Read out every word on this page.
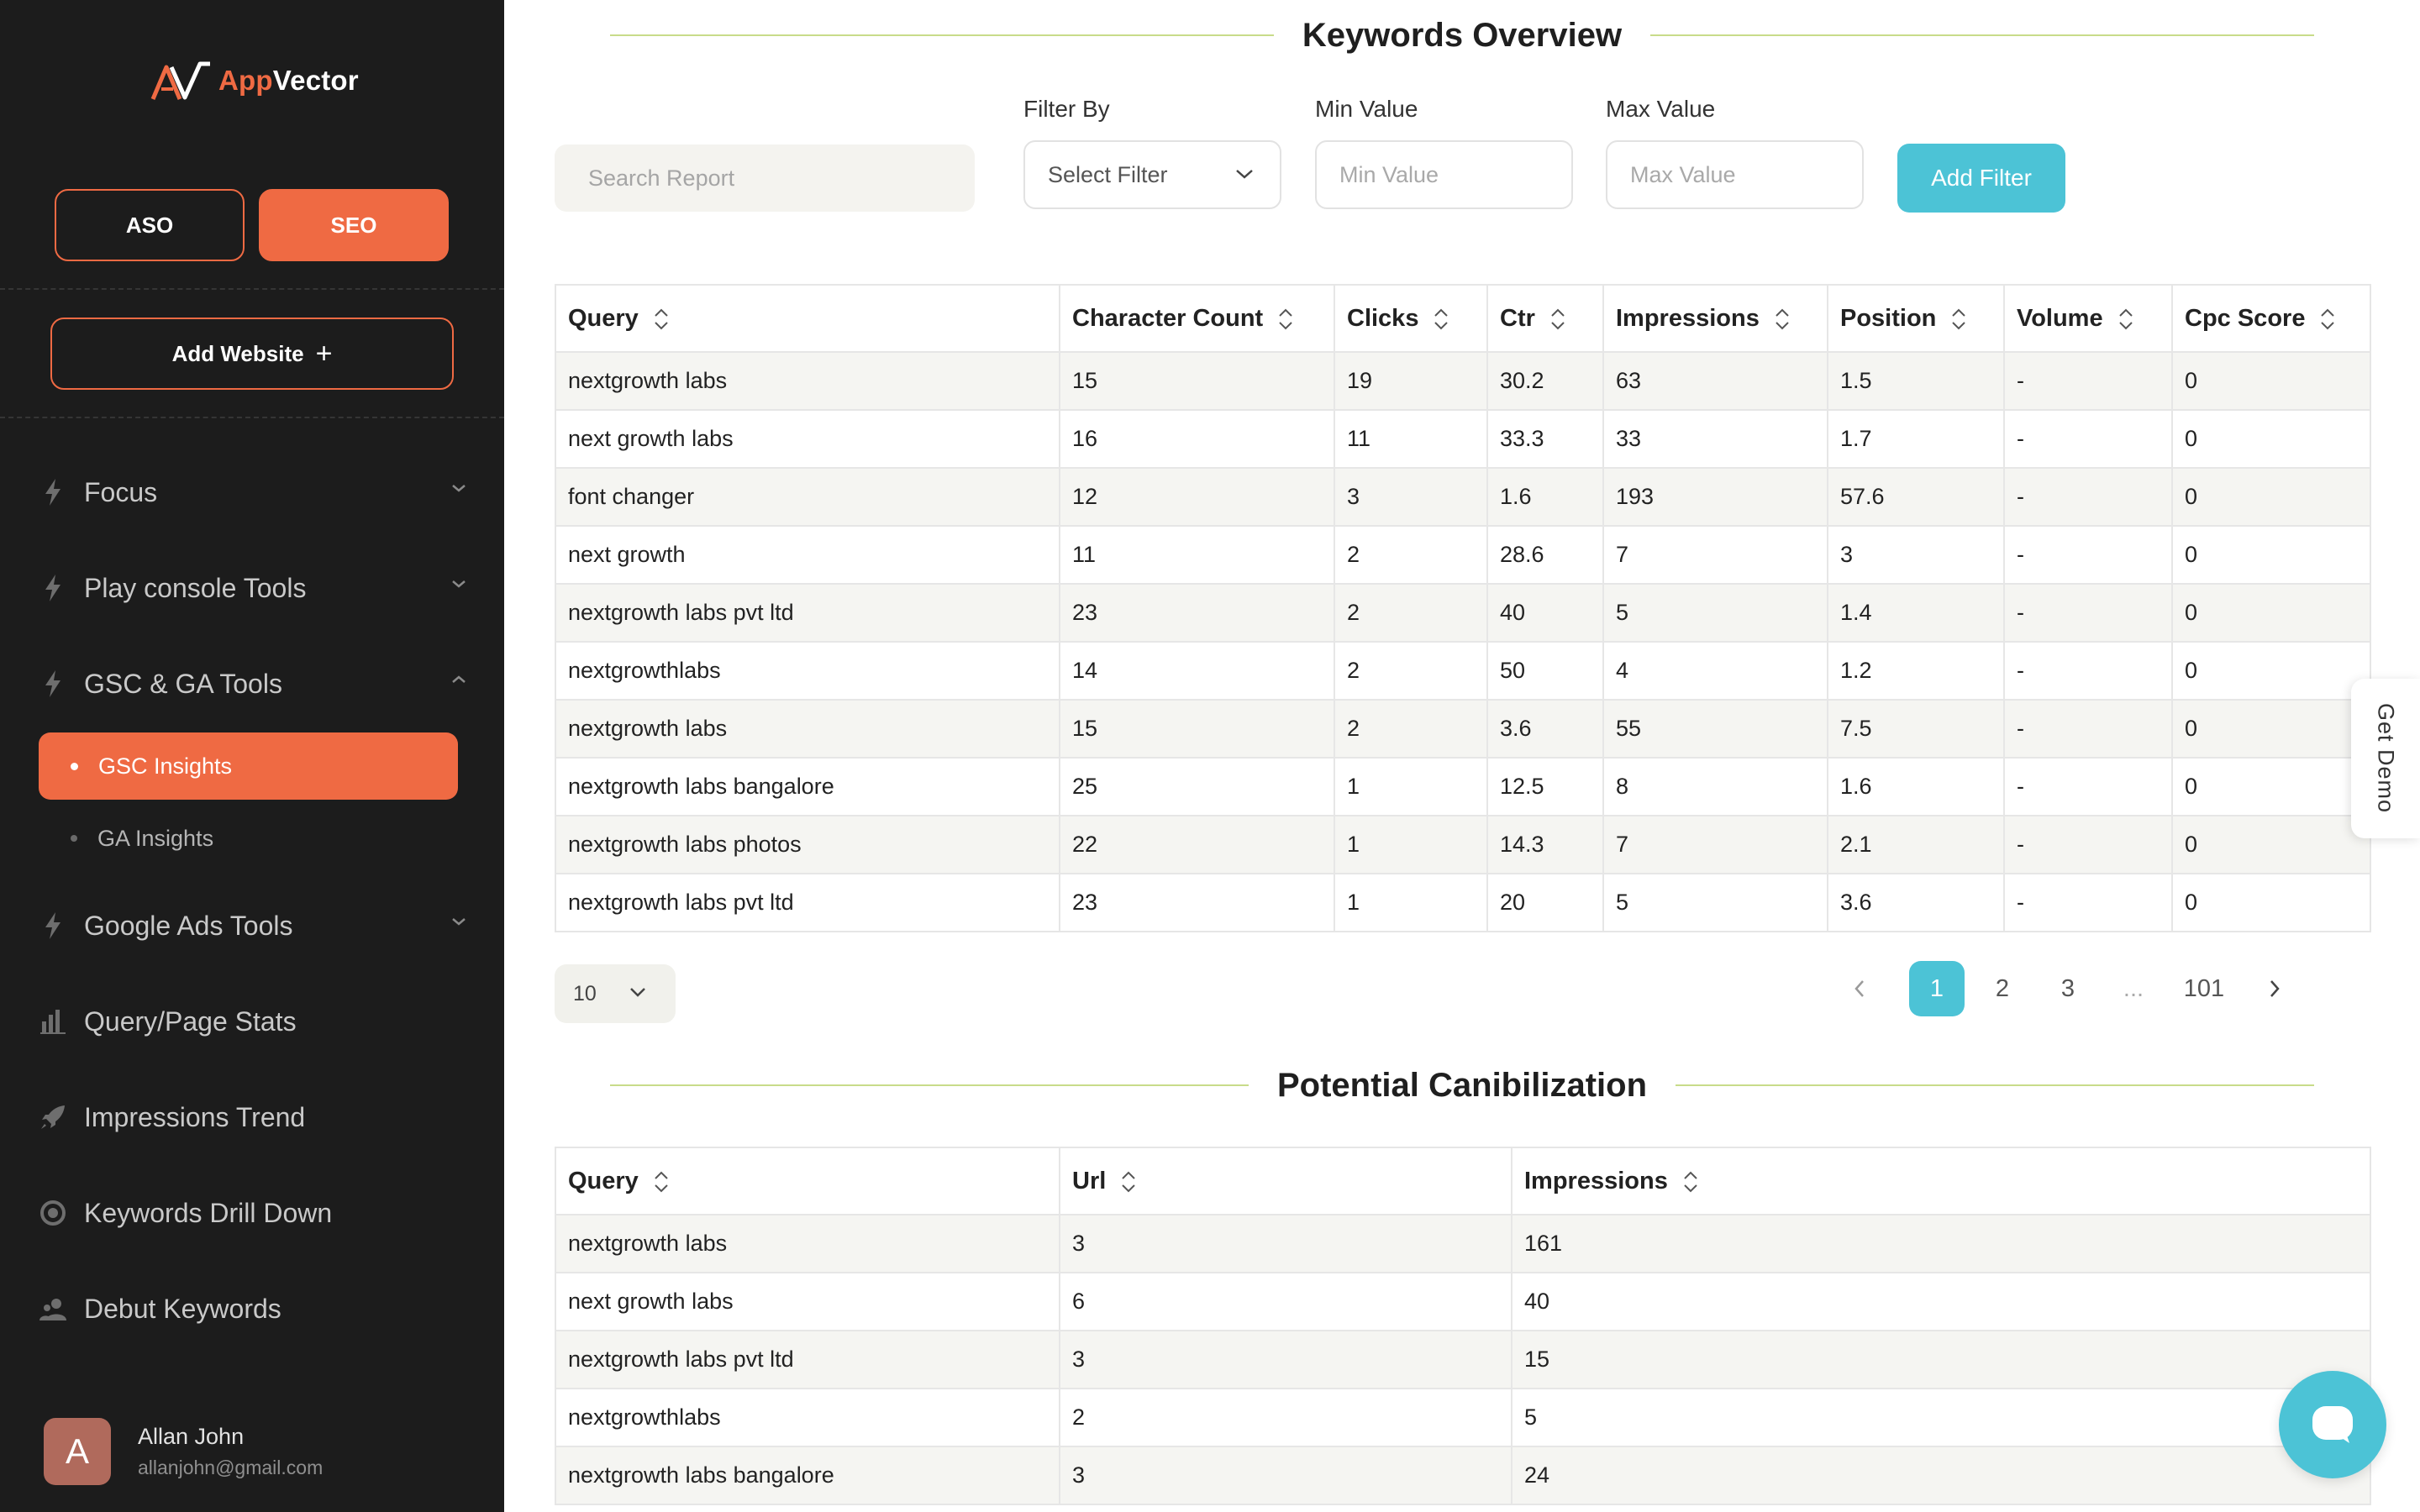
AppVector
ASO	SEO
Add Website +
Focus
Play console Tools
GSC & GA Tools
GSC Insights
GA Insights
Google Ads Tools
Query/Page Stats
Impressions Trend
Keywords Drill Down
Debut Keywords
A	Allan John
allanjohn@gmail.com
Keywords Overview
Search Report
Filter By
Select Filter
Min Value
Min Value	Max Value
Max Value
Add Filter
Query	Character Count	Clicks	Ctr	Impressions	Position	Volume	Cpc Score

nextgrowth labs	15	19	30.2	63	1.5	-	0
next growth labs	16	11	33.3	33	1.7	-	0
font changer	12	3	1.6	193	57.6	-	0
next growth	11	2	28.6	7	3	-	0
nextgrowth labs pvt ltd	23	2	40	5	1.4	-	0
nextgrowthlabs	14	2	50	4	1.2	-	0
nextgrowth labs	15	2	3.6	55	7.5	-	0
nextgrowth labs bangalore	25	1	12.5	8	1.6	-	0
nextgrowth labs photos	22	1	14.3	7	2.1	-	0
nextgrowth labs pvt ltd	23	1	20	5	3.6	-	0
10	1	2	3	...	101
Potential Canibilization
Query	Url	Impressions

nextgrowth labs	3	161
next growth labs	6	40
nextgrowth labs pvt ltd	3	15
nextgrowthlabs	2	5
nextgrowth labs bangalore	3	24
Get Demo
